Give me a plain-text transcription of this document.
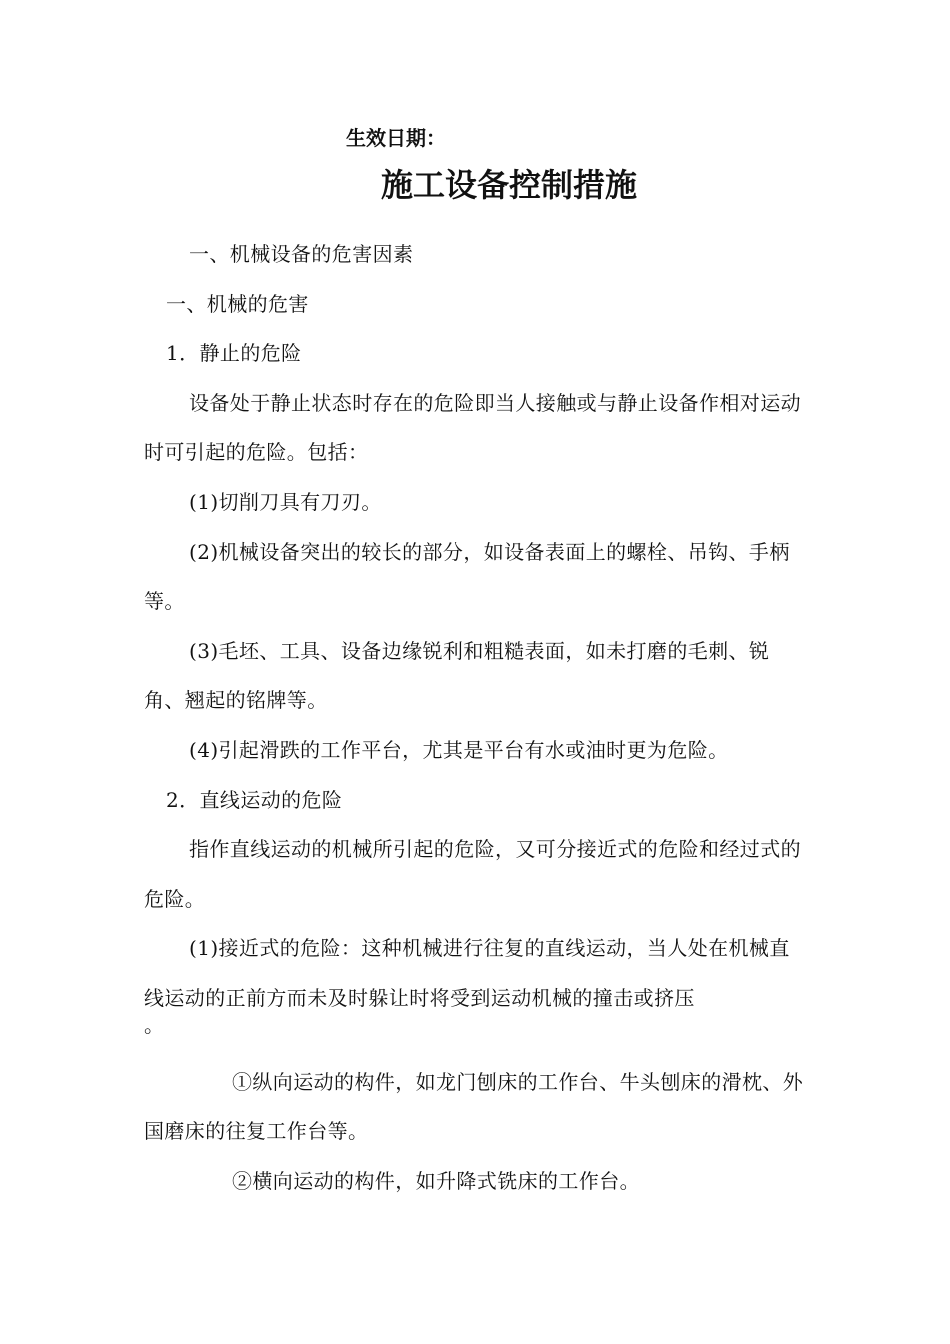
生效日期：
施工设备控制措施

一、机械设备的危害因素

一、机械的危害

1．静止的危险

设备处于静止状态时存在的危险即当人接触或与静止设备作相对运动时可引起的危险。包括：

(1)切削刀具有刀刃。

(2)机械设备突出的较长的部分，如设备表面上的螺栓、吊钩、手柄等。

(3)毛坯、工具、设备边缘锐利和粗糙表面，如未打磨的毛刺、锐角、翘起的铭牌等。

(4)引起滑跌的工作平台，尤其是平台有水或油时更为危险。

2．直线运动的危险

指作直线运动的机械所引起的危险，又可分接近式的危险和经过式的危险。

(1)接近式的危险：这种机械进行往复的直线运动，当人处在机械直线运动的正前方而未及时躲让时将受到运动机械的撞击或挤压

。

①纵向运动的构件，如龙门刨床的工作台、牛头刨床的滑枕、外国磨床的往复工作台等。

②横向运动的构件，如升降式铣床的工作台。
